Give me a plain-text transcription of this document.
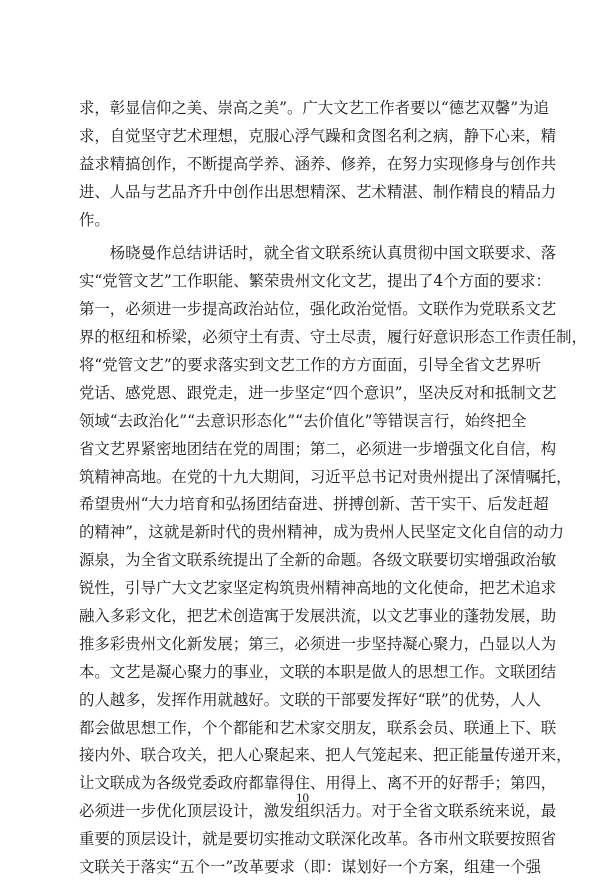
求，彰显信仰之美、崇高之美”。广大文艺工作者要以“德艺双馨”为追
求，自觉坚守艺术理想，克服心浮气躁和贪图名利之病，静下心来，精
益求精搞创作，不断提高学养、涵养、修养，在努力实现修身与创作共
进、人品与艺品齐升中创作出思想精深、艺术精湛、制作精良的精品力
作。
　　杨晓曼作总结讲话时，就全省文联系统认真贯彻中国文联要求、落
实“党管文艺”工作职能、繁荣贵州文化文艺，提出了4个方面的要求：
第一，必须进一步提高政治站位，强化政治觉悟。文联作为党联系文艺
界的枢纽和桥梁，必须守土有责、守土尽责，履行好意识形态工作责任制，
将“党管文艺”的要求落实到文艺工作的方方面面，引导全省文艺界听
党话、感党恩、跟党走，进一步坚定“四个意识”，坚决反对和抵制文艺
领域“去政治化”“去意识形态化”“去价值化”等错误言行，始终把全
省文艺界紧密地团结在党的周围；第二，必须进一步增强文化自信，构
筑精神高地。在党的十九大期间，习近平总书记对贵州提出了深情嘱托，
希望贵州“大力培育和弘扬团结奋进、拼搏创新、苦干实干、后发赶超
的精神”，这就是新时代的贵州精神，成为贵州人民坚定文化自信的动力
源泉，为全省文联系统提出了全新的命题。各级文联要切实增强政治敏
锐性，引导广大文艺家坚定构筑贵州精神高地的文化使命，把艺术追求
融入多彩文化，把艺术创造寓于发展洪流，以文艺事业的蓬勃发展，助
推多彩贵州文化新发展；第三，必须进一步坚持凝心聚力，凸显以人为
本。文艺是凝心聚力的事业，文联的本职是做人的思想工作。文联团结
的人越多，发挥作用就越好。文联的干部要发挥好“联”的优势，人人
都会做思想工作，个个都能和艺术家交朋友，联系会员、联通上下、联
接内外、联合攻关，把人心聚起来、把人气笼起来、把正能量传递开来，
让文联成为各级党委政府都靠得住、用得上、离不开的好帮手；第四，
必须进一步优化顶层设计，激发组织活力。对于全省文联系统来说，最
重要的顶层设计，就是要切实推动文联深化改革。各市州文联要按照省
文联关于落实“五个一”改革要求（即：谋划好一个方案，组建一个强
10
